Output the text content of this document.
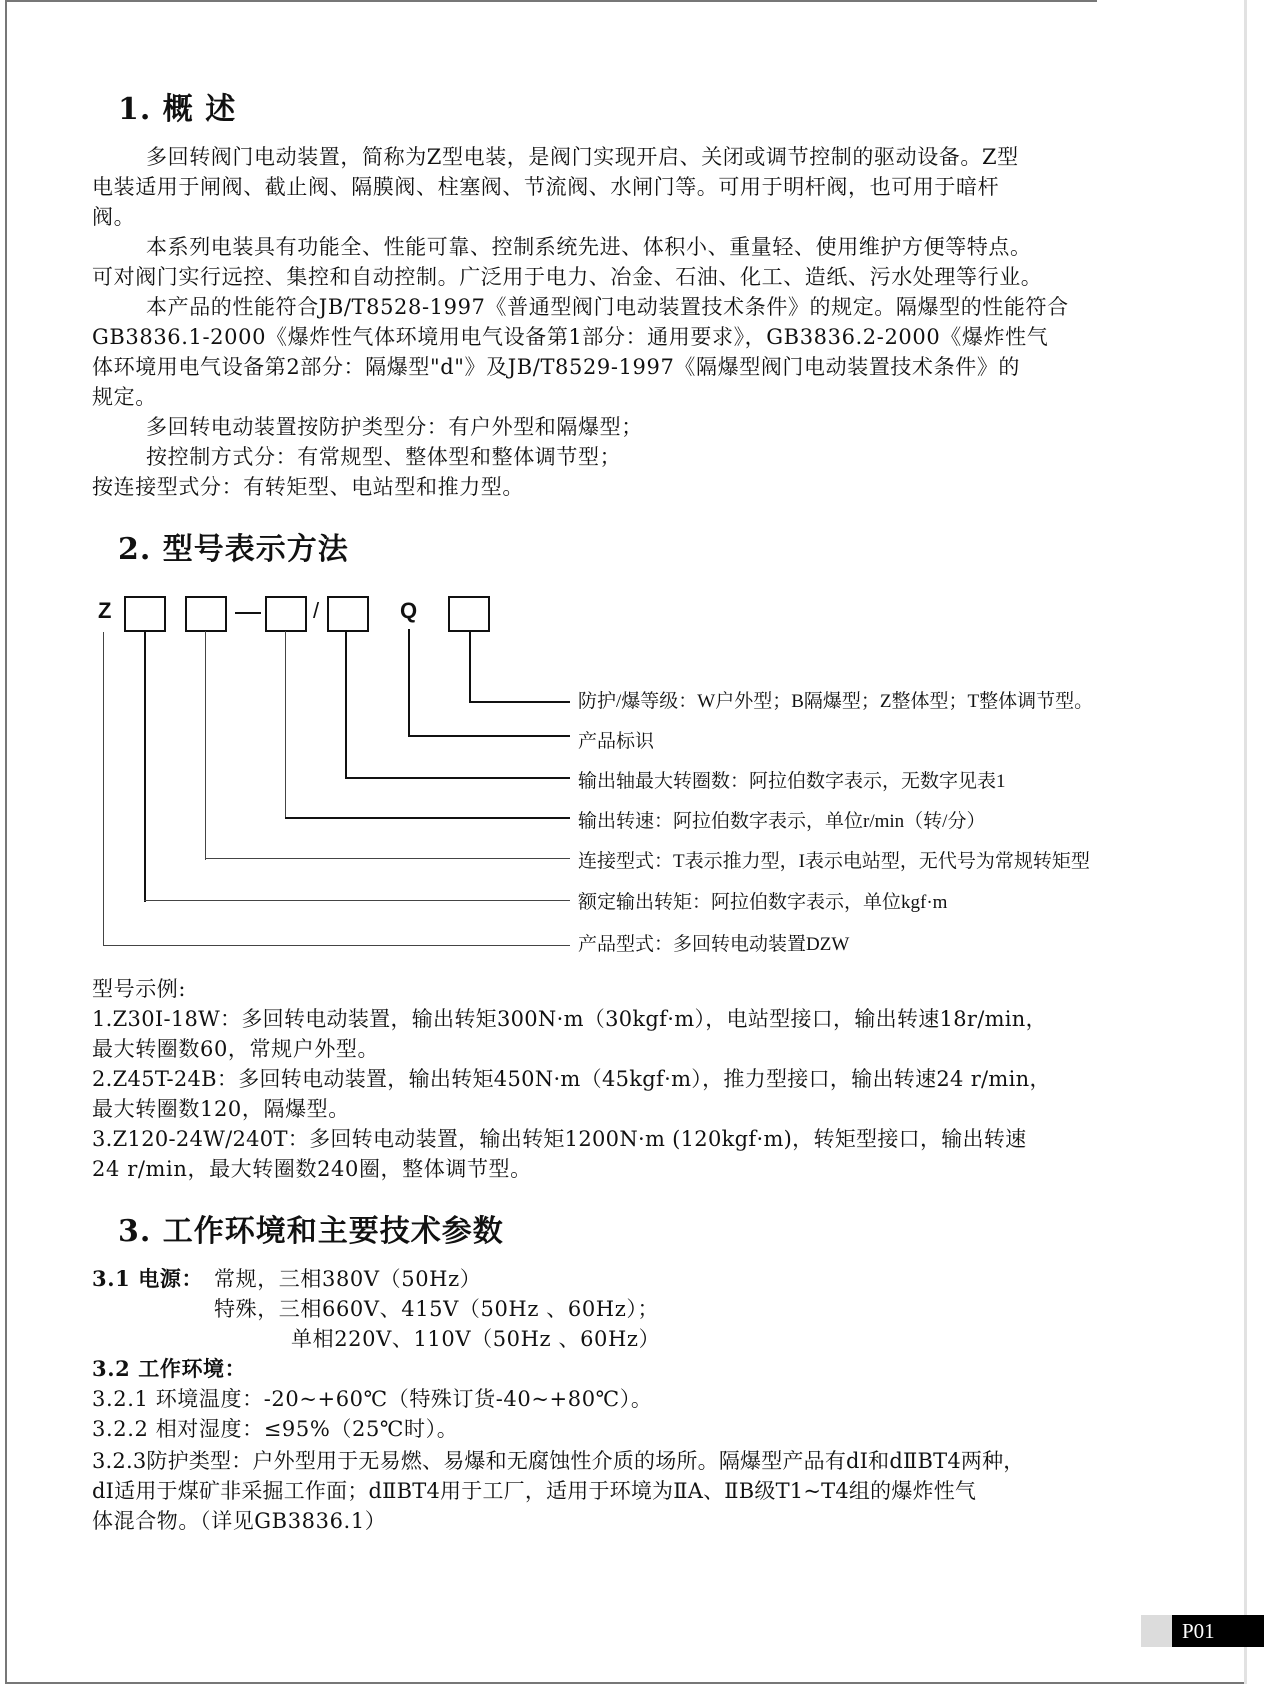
1. 概 述
多回转阀门电动装置，简称为Z型电装，是阀门实现开启、关闭或调节控制的驱动设备。Z型
电装适用于闸阀、截止阀、隔膜阀、柱塞阀、节流阀、水闸门等。可用于明杆阀，也可用于暗杆
阀。
本系列电装具有功能全、性能可靠、控制系统先进、体积小、重量轻、使用维护方便等特点。
可对阀门实行远控、集控和自动控制。广泛用于电力、冶金、石油、化工、造纸、污水处理等行业。
本产品的性能符合JB/T8528-1997《普通型阀门电动装置技术条件》的规定。隔爆型的性能符合
GB3836.1-2000《爆炸性气体环境用电气设备第1部分：通用要求》，GB3836.2-2000《爆炸性气
体环境用电气设备第2部分：隔爆型"d"》及JB/T8529-1997《隔爆型阀门电动装置技术条件》的
规定。
多回转电动装置按防护类型分：有户外型和隔爆型；
按控制方式分：有常规型、整体型和整体调节型；
按连接型式分：有转矩型、电站型和推力型。
2. 型号表示方法
Z	/	Q
防护/爆等级：W户外型；B隔爆型；Z整体型；T整体调节型。
产品标识
输出轴最大转圈数：阿拉伯数字表示，无数字见表1
输出转速：阿拉伯数字表示，单位r/min（转/分）
连接型式：T表示推力型，I表示电站型，无代号为常规转矩型
额定输出转矩：阿拉伯数字表示，单位kgf·m
产品型式：多回转电动装置DZW
型号示例:
1.Z30I-18W：多回转电动装置，输出转矩300N·m（30kgf·m），电站型接口，输出转速18r/min，
最大转圈数60，常规户外型。
2.Z45T-24B：多回转电动装置，输出转矩450N·m（45kgf·m），推力型接口，输出转速24 r/min，
最大转圈数120，隔爆型。
3.Z120-24W/240T：多回转电动装置，输出转矩1200N·m (120kgf·m)，转矩型接口，输出转速
24 r/min，最大转圈数240圈，整体调节型。
3. 工作环境和主要技术参数
3.1 电源： 常规，三相380V（50Hz）
特殊，三相660V、415V（50Hz 、60Hz）；
单相220V、110V（50Hz 、60Hz）
3.2 工作环境：
3.2.1 环境温度：-20~+60℃（特殊订货-40~+80℃）。
3.2.2 相对湿度：≤95%（25℃时）。
3.2.3防护类型：户外型用于无易燃、易爆和无腐蚀性介质的场所。隔爆型产品有dⅠ和dⅡBT4两种，
dⅠ适用于煤矿非采掘工作面；dⅡBT4用于工厂，适用于环境为ⅡA、ⅡB级T1~T4组的爆炸性气
体混合物。（详见GB3836.1）
P01
